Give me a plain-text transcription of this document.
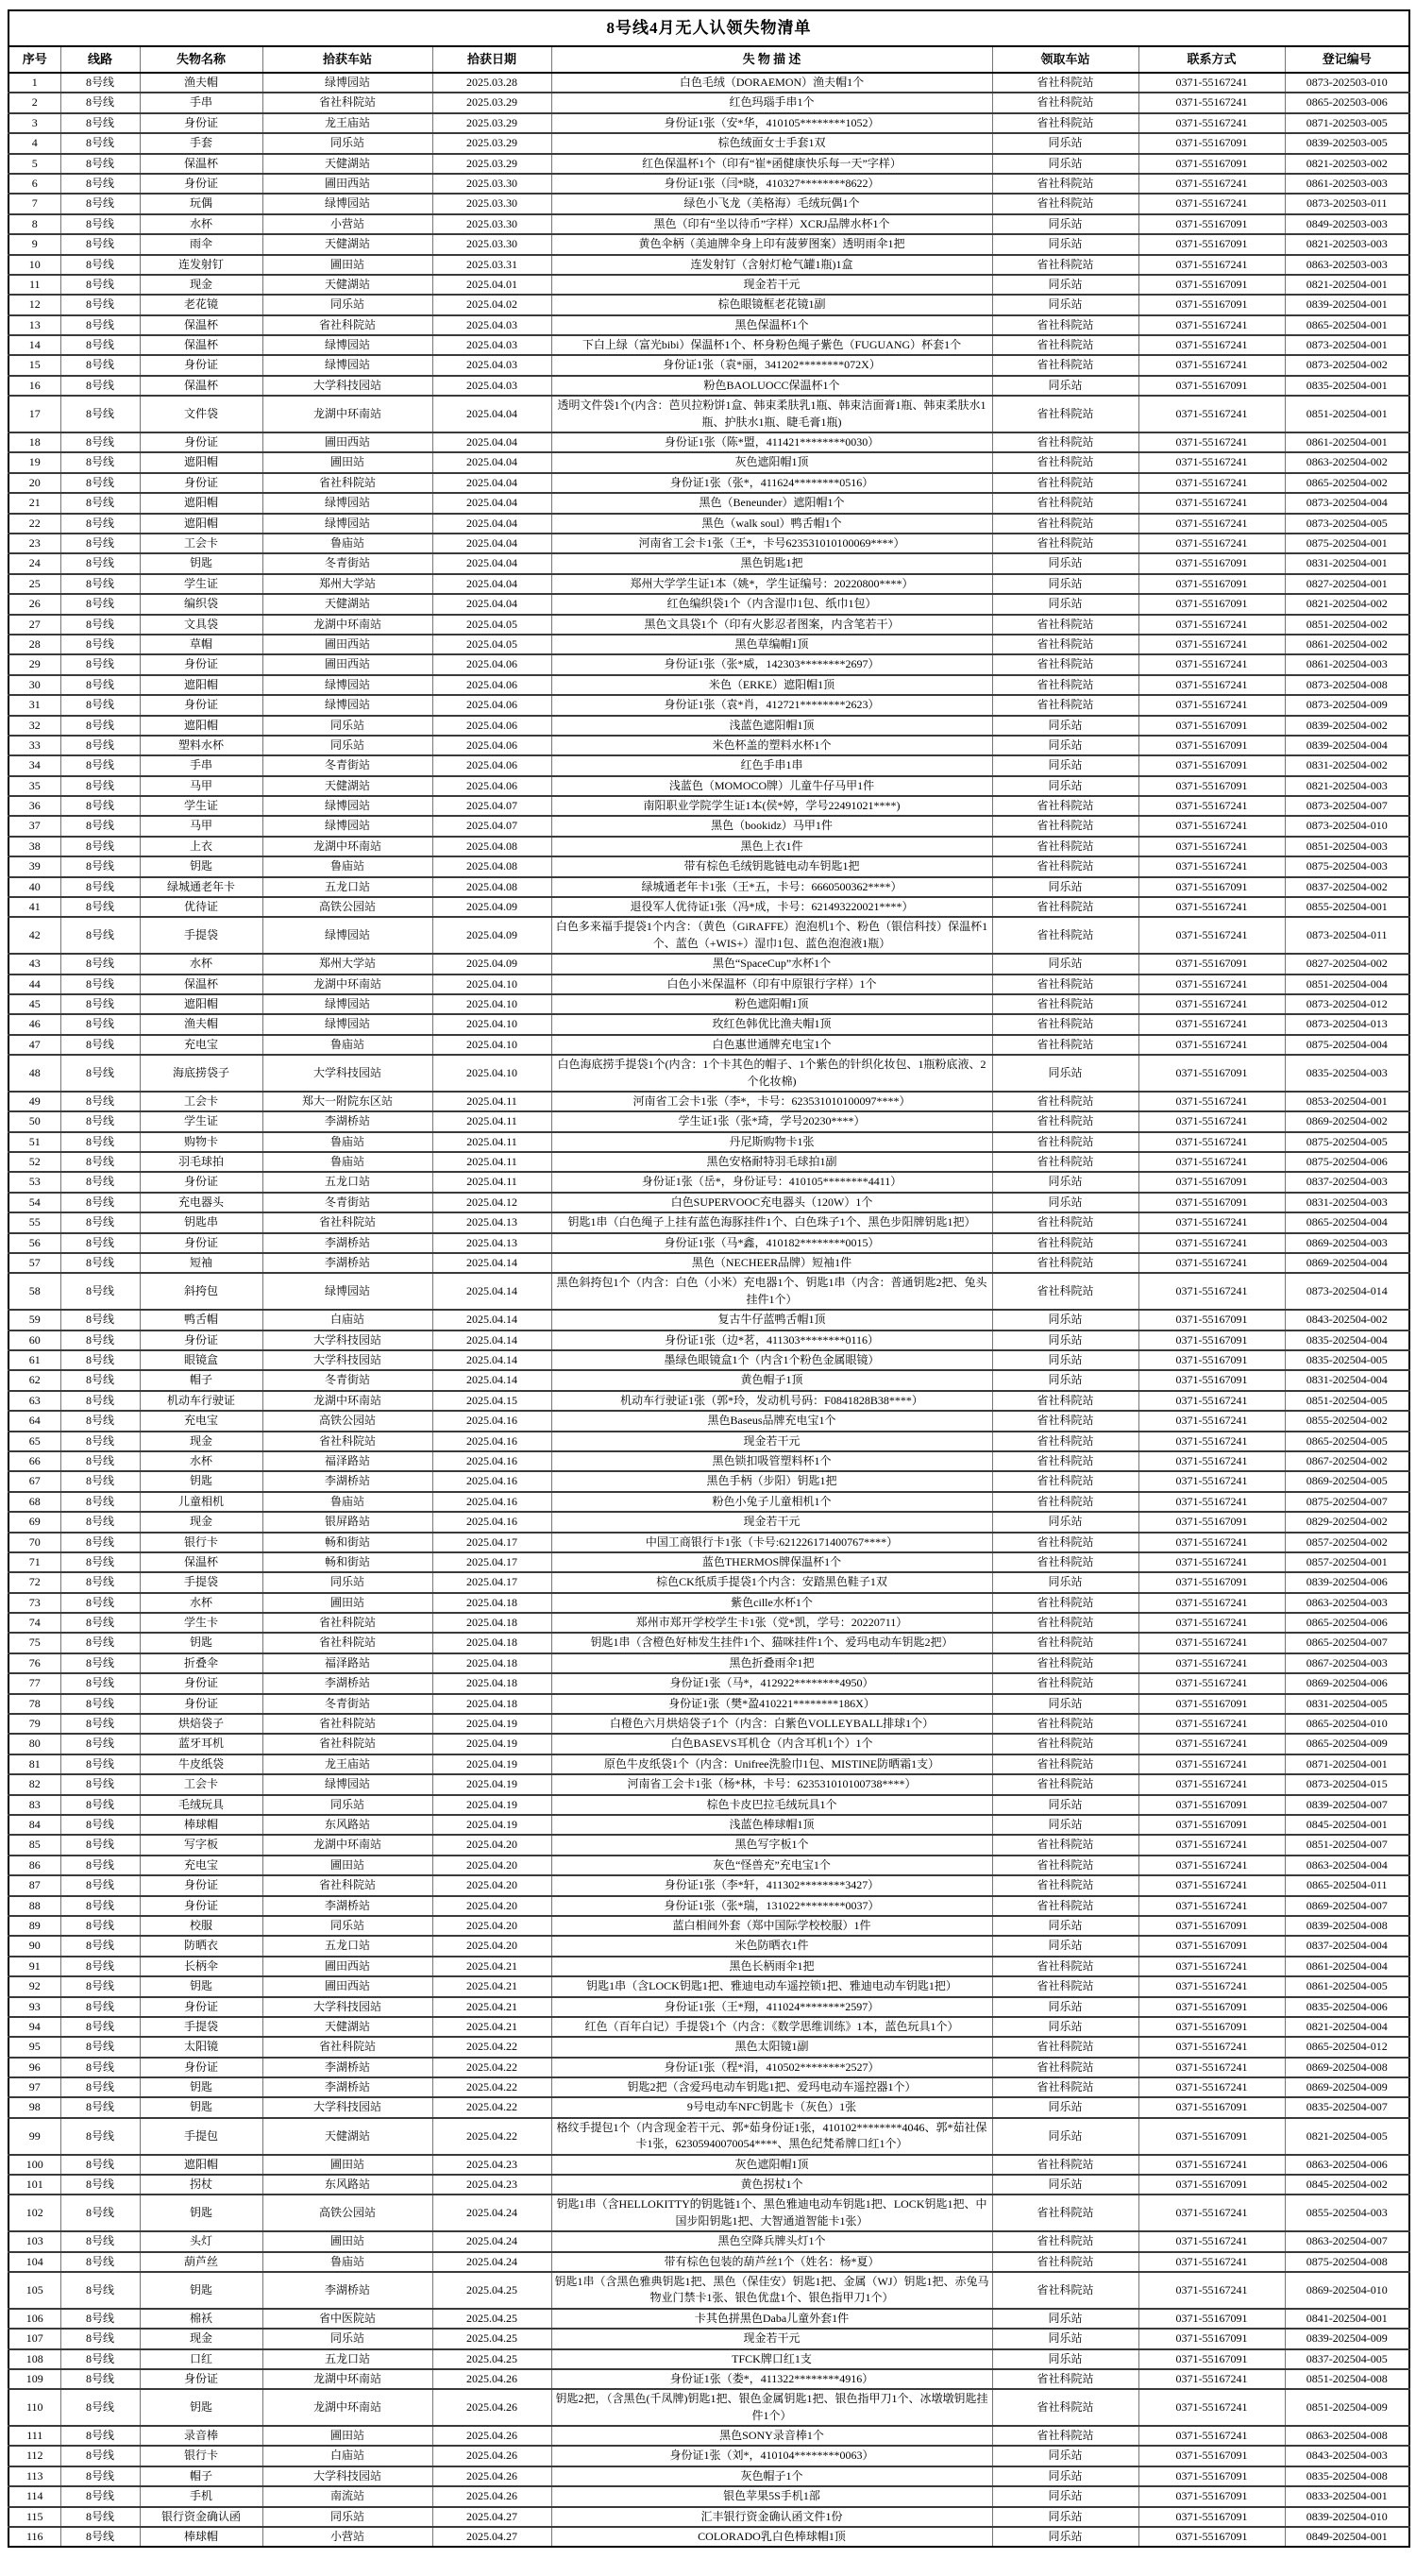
8号线4月无人认领失物清单								
序号	线路	失物名称	拾获车站	拾获日期	失 物 描 述	领取车站	联系方式	登记编号
1	8号线	渔夫帽	绿博园站	2025.03.28	白色毛绒（DORAEMON）渔夫帽1个	省社科院站	0371-55167241	0873-202503-010
2	8号线	手串	省社科院站	2025.03.29	红色玛瑙手串1个	省社科院站	0371-55167241	0865-202503-006
3	8号线	身份证	龙王庙站	2025.03.29	身份证1张（安*华，410105********1052）	省社科院站	0371-55167241	0871-202503-005
4	8号线	手套	同乐站	2025.03.29	棕色绒面女士手套1双	同乐站	0371-55167091	0839-202503-005
5	8号线	保温杯	天健湖站	2025.03.29	红色保温杯1个（印有“崔*函健康快乐每一天”字样）	同乐站	0371-55167091	0821-202503-002
6	8号线	身份证	圃田西站	2025.03.30	身份证1张（闫*晓，410327********8622）	省社科院站	0371-55167241	0861-202503-003
7	8号线	玩偶	绿博园站	2025.03.30	绿色小飞龙（美格海）毛绒玩偶1个	省社科院站	0371-55167241	0873-202503-011
8	8号线	水杯	小营站	2025.03.30	黑色（印有“坐以待币”字样）XCRJ品牌水杯1个	同乐站	0371-55167091	0849-202503-003
9	8号线	雨伞	天健湖站	2025.03.30	黄色伞柄（美迪牌伞身上印有菠萝图案）透明雨伞1把	同乐站	0371-55167091	0821-202503-003
10	8号线	连发射钉	圃田站	2025.03.31	连发射钉（含射灯枪气罐1瓶)1盒	省社科院站	0371-55167241	0863-202503-003
11	8号线	现金	天健湖站	2025.04.01	现金若干元	同乐站	0371-55167091	0821-202504-001
12	8号线	老花镜	同乐站	2025.04.02	棕色眼镜框老花镜1副	同乐站	0371-55167091	0839-202504-001
13	8号线	保温杯	省社科院站	2025.04.03	黑色保温杯1个	省社科院站	0371-55167241	0865-202504-001
14	8号线	保温杯	绿博园站	2025.04.03	下白上绿（富光bibi）保温杯1个、杯身粉色绳子紫色（FUGUANG）杯套1个	省社科院站	0371-55167241	0873-202504-001
15	8号线	身份证	绿博园站	2025.04.03	身份证1张（袁*丽，341202********072X）	省社科院站	0371-55167241	0873-202504-002
16	8号线	保温杯	大学科技园站	2025.04.03	粉色BAOLUOCC保温杯1个	同乐站	0371-55167091	0835-202504-001
17	8号线	文件袋	龙湖中环南站	2025.04.04	透明文件袋1个(内含：芭贝拉粉饼1盒、韩束柔肤乳1瓶、韩束洁面膏1瓶、韩束柔肤水1瓶、护肤水1瓶、睫毛膏1瓶)	省社科院站	0371-55167241	0851-202504-001
18	8号线	身份证	圃田西站	2025.04.04	身份证1张（陈*盟，411421********0030）	省社科院站	0371-55167241	0861-202504-001
19	8号线	遮阳帽	圃田站	2025.04.04	灰色遮阳帽1顶	省社科院站	0371-55167241	0863-202504-002
20	8号线	身份证	省社科院站	2025.04.04	身份证1张（张*，411624********0516）	省社科院站	0371-55167241	0865-202504-002
21	8号线	遮阳帽	绿博园站	2025.04.04	黑色（Beneunder）遮阳帽1个	省社科院站	0371-55167241	0873-202504-004
22	8号线	遮阳帽	绿博园站	2025.04.04	黑色（walk soul）鸭舌帽1个	省社科院站	0371-55167241	0873-202504-005
23	8号线	工会卡	鲁庙站	2025.04.04	河南省工会卡1张（王*，卡号623531010100069****）	省社科院站	0371-55167241	0875-202504-001
24	8号线	钥匙	冬青街站	2025.04.04	黑色钥匙1把	同乐站	0371-55167091	0831-202504-001
25	8号线	学生证	郑州大学站	2025.04.04	郑州大学学生证1本（姚*，学生证编号：20220800****）	同乐站	0371-55167091	0827-202504-001
26	8号线	编织袋	天健湖站	2025.04.04	红色编织袋1个（内含湿巾1包、纸巾1包）	同乐站	0371-55167091	0821-202504-002
27	8号线	文具袋	龙湖中环南站	2025.04.05	黑色文具袋1个（印有火影忍者图案，内含笔若干）	省社科院站	0371-55167241	0851-202504-002
28	8号线	草帽	圃田西站	2025.04.05	黑色草编帽1顶	省社科院站	0371-55167241	0861-202504-002
29	8号线	身份证	圃田西站	2025.04.06	身份证1张（张*威，142303********2697）	省社科院站	0371-55167241	0861-202504-003
30	8号线	遮阳帽	绿博园站	2025.04.06	米色（ERKE）遮阳帽1顶	省社科院站	0371-55167241	0873-202504-008
31	8号线	身份证	绿博园站	2025.04.06	身份证1张（袁*肖，412721********2623）	省社科院站	0371-55167241	0873-202504-009
32	8号线	遮阳帽	同乐站	2025.04.06	浅蓝色遮阳帽1顶	同乐站	0371-55167091	0839-202504-002
33	8号线	塑料水杯	同乐站	2025.04.06	米色杯盖的塑料水杯1个	同乐站	0371-55167091	0839-202504-004
34	8号线	手串	冬青街站	2025.04.06	红色手串1串	同乐站	0371-55167091	0831-202504-002
35	8号线	马甲	天健湖站	2025.04.06	浅蓝色（MOMOCO牌）儿童牛仔马甲1件	同乐站	0371-55167091	0821-202504-003
36	8号线	学生证	绿博园站	2025.04.07	南阳职业学院学生证1本(侯*婷，学号22491021****)	省社科院站	0371-55167241	0873-202504-007
37	8号线	马甲	绿博园站	2025.04.07	黑色（bookidz）马甲1件	省社科院站	0371-55167241	0873-202504-010
38	8号线	上衣	龙湖中环南站	2025.04.08	黑色上衣1件	省社科院站	0371-55167241	0851-202504-003
39	8号线	钥匙	鲁庙站	2025.04.08	带有棕色毛绒钥匙链电动车钥匙1把	省社科院站	0371-55167241	0875-202504-003
40	8号线	绿城通老年卡	五龙口站	2025.04.08	绿城通老年卡1张（王*五，卡号：6660500362****）	同乐站	0371-55167091	0837-202504-002
41	8号线	优待证	高铁公园站	2025.04.09	退役军人优待证1张（冯*成，卡号：621493220021****）	省社科院站	0371-55167241	0855-202504-001
42	8号线	手提袋	绿博园站	2025.04.09	白色多来福手提袋1个内含：（黄色（GiRAFFE）泡泡机1个、粉色（银信科技）保温杯1个、蓝色（+WIS+）湿巾1包、蓝色泡泡液1瓶）	省社科院站	0371-55167241	0873-202504-011
43	8号线	水杯	郑州大学站	2025.04.09	黑色“SpaceCup”水杯1个	同乐站	0371-55167091	0827-202504-002
44	8号线	保温杯	龙湖中环南站	2025.04.10	白色小米保温杯（印有中原银行字样）1个	省社科院站	0371-55167241	0851-202504-004
45	8号线	遮阳帽	绿博园站	2025.04.10	粉色遮阳帽1顶	省社科院站	0371-55167241	0873-202504-012
46	8号线	渔夫帽	绿博园站	2025.04.10	玫红色韩优比渔夫帽1顶	省社科院站	0371-55167241	0873-202504-013
47	8号线	充电宝	鲁庙站	2025.04.10	白色惠世通牌充电宝1个	省社科院站	0371-55167241	0875-202504-004
48	8号线	海底捞袋子	大学科技园站	2025.04.10	白色海底捞手提袋1个(内含：1个卡其色的帽子、1个紫色的针织化妆包、1瓶粉底液、2个化妆棉)	同乐站	0371-55167091	0835-202504-003
49	8号线	工会卡	郑大一附院东区站	2025.04.11	河南省工会卡1张（李*，卡号：623531010100097****）	省社科院站	0371-55167241	0853-202504-001
50	8号线	学生证	李湖桥站	2025.04.11	学生证1张（张*琦，学号20230****）	省社科院站	0371-55167241	0869-202504-002
51	8号线	购物卡	鲁庙站	2025.04.11	丹尼斯购物卡1张	省社科院站	0371-55167241	0875-202504-005
52	8号线	羽毛球拍	鲁庙站	2025.04.11	黑色安格耐特羽毛球拍1副	省社科院站	0371-55167241	0875-202504-006
53	8号线	身份证	五龙口站	2025.04.11	身份证1张（岳*，身份证号：410105********4411）	同乐站	0371-55167091	0837-202504-003
54	8号线	充电器头	冬青街站	2025.04.12	白色SUPERVOOC充电器头（120W）1个	同乐站	0371-55167091	0831-202504-003
55	8号线	钥匙串	省社科院站	2025.04.13	钥匙1串（白色绳子上挂有蓝色海豚挂件1个、白色珠子1个、黑色步阳牌钥匙1把）	省社科院站	0371-55167241	0865-202504-004
56	8号线	身份证	李湖桥站	2025.04.13	身份证1张（马*鑫，410182********0015）	省社科院站	0371-55167241	0869-202504-003
57	8号线	短袖	李湖桥站	2025.04.14	黑色（NECHEER品牌）短袖1件	省社科院站	0371-55167241	0869-202504-004
58	8号线	斜挎包	绿博园站	2025.04.14	黑色斜挎包1个（内含：白色（小米）充电器1个、钥匙1串（内含：普通钥匙2把、兔头挂件1个）	省社科院站	0371-55167241	0873-202504-014
59	8号线	鸭舌帽	白庙站	2025.04.14	复古牛仔蓝鸭舌帽1顶	同乐站	0371-55167091	0843-202504-002
60	8号线	身份证	大学科技园站	2025.04.14	身份证1张（边*茗，411303********0116）	同乐站	0371-55167091	0835-202504-004
61	8号线	眼镜盒	大学科技园站	2025.04.14	墨绿色眼镜盒1个（内含1个粉色金属眼镜）	同乐站	0371-55167091	0835-202504-005
62	8号线	帽子	冬青街站	2025.04.14	黄色帽子1顶	同乐站	0371-55167091	0831-202504-004
63	8号线	机动车行驶证	龙湖中环南站	2025.04.15	机动车行驶证1张（郭*玲，发动机号码：F0841828B38****）	省社科院站	0371-55167241	0851-202504-005
64	8号线	充电宝	高铁公园站	2025.04.16	黑色Baseus品牌充电宝1个	省社科院站	0371-55167241	0855-202504-002
65	8号线	现金	省社科院站	2025.04.16	现金若干元	省社科院站	0371-55167241	0865-202504-005
66	8号线	水杯	福泽路站	2025.04.16	黑色锁扣吸管塑料杯1个	省社科院站	0371-55167241	0867-202504-002
67	8号线	钥匙	李湖桥站	2025.04.16	黑色手柄（步阳）钥匙1把	省社科院站	0371-55167241	0869-202504-005
68	8号线	儿童相机	鲁庙站	2025.04.16	粉色小兔子儿童相机1个	省社科院站	0371-55167241	0875-202504-007
69	8号线	现金	银屏路站	2025.04.16	现金若干元	同乐站	0371-55167091	0829-202504-002
70	8号线	银行卡	畅和街站	2025.04.17	中国工商银行卡1张（卡号:621226171400767****）	省社科院站	0371-55167241	0857-202504-002
71	8号线	保温杯	畅和街站	2025.04.17	蓝色THERMOS牌保温杯1个	省社科院站	0371-55167241	0857-202504-001
72	8号线	手提袋	同乐站	2025.04.17	棕色CK纸质手提袋1个内含：安踏黑色鞋子1双	同乐站	0371-55167091	0839-202504-006
73	8号线	水杯	圃田站	2025.04.18	紫色cille水杯1个	省社科院站	0371-55167241	0863-202504-003
74	8号线	学生卡	省社科院站	2025.04.18	郑州市郑开学校学生卡1张（党*凯，学号：20220711）	省社科院站	0371-55167241	0865-202504-006
75	8号线	钥匙	省社科院站	2025.04.18	钥匙1串（含橙色好柿发生挂件1个、猫咪挂件1个、爱玛电动车钥匙2把）	省社科院站	0371-55167241	0865-202504-007
76	8号线	折叠伞	福泽路站	2025.04.18	黑色折叠雨伞1把	省社科院站	0371-55167241	0867-202504-003
77	8号线	身份证	李湖桥站	2025.04.18	身份证1张（马*，412922********4950）	省社科院站	0371-55167241	0869-202504-006
78	8号线	身份证	冬青街站	2025.04.18	身份证1张（樊*盈410221********186X）	同乐站	0371-55167091	0831-202504-005
79	8号线	烘焙袋子	省社科院站	2025.04.19	白橙色六月烘焙袋子1个（内含：白紫色VOLLEYBALL排球1个）	省社科院站	0371-55167241	0865-202504-010
80	8号线	蓝牙耳机	省社科院站	2025.04.19	白色BASEVS耳机仓（内含耳机1个）1个	省社科院站	0371-55167241	0865-202504-009
81	8号线	牛皮纸袋	龙王庙站	2025.04.19	原色牛皮纸袋1个（内含：Unifree洗脸巾1包、MISTINE防晒霜1支）	省社科院站	0371-55167241	0871-202504-001
82	8号线	工会卡	绿博园站	2025.04.19	河南省工会卡1张（杨*林，卡号：623531010100738****）	省社科院站	0371-55167241	0873-202504-015
83	8号线	毛绒玩具	同乐站	2025.04.19	棕色卡皮巴拉毛绒玩具1个	同乐站	0371-55167091	0839-202504-007
84	8号线	棒球帽	东风路站	2025.04.19	浅蓝色棒球帽1顶	同乐站	0371-55167091	0845-202504-001
85	8号线	写字板	龙湖中环南站	2025.04.20	黑色写字板1个	省社科院站	0371-55167241	0851-202504-007
86	8号线	充电宝	圃田站	2025.04.20	灰色“怪兽充”充电宝1个	省社科院站	0371-55167241	0863-202504-004
87	8号线	身份证	省社科院站	2025.04.20	身份证1张（李*轩，411302********3427）	省社科院站	0371-55167241	0865-202504-011
88	8号线	身份证	李湖桥站	2025.04.20	身份证1张（张*瑞，131022********0037）	省社科院站	0371-55167241	0869-202504-007
89	8号线	校服	同乐站	2025.04.20	蓝白相间外套（郑中国际学校校服）1件	同乐站	0371-55167091	0839-202504-008
90	8号线	防晒衣	五龙口站	2025.04.20	米色防晒衣1件	同乐站	0371-55167091	0837-202504-004
91	8号线	长柄伞	圃田西站	2025.04.21	黑色长柄雨伞1把	省社科院站	0371-55167241	0861-202504-004
92	8号线	钥匙	圃田西站	2025.04.21	钥匙1串（含LOCK钥匙1把、雅迪电动车遥控锁1把、雅迪电动车钥匙1把）	省社科院站	0371-55167241	0861-202504-005
93	8号线	身份证	大学科技园站	2025.04.21	身份证1张（王*翔，411024********2597）	同乐站	0371-55167091	0835-202504-006
94	8号线	手提袋	天健湖站	2025.04.21	红色（百年白记）手提袋1个（内含：《数学思维训练》1本，蓝色玩具1个）	同乐站	0371-55167091	0821-202504-004
95	8号线	太阳镜	省社科院站	2025.04.22	黑色太阳镜1副	省社科院站	0371-55167241	0865-202504-012
96	8号线	身份证	李湖桥站	2025.04.22	身份证1张（程*涓，410502********2527）	省社科院站	0371-55167241	0869-202504-008
97	8号线	钥匙	李湖桥站	2025.04.22	钥匙2把（含爱玛电动车钥匙1把、爱玛电动车遥控器1个）	省社科院站	0371-55167241	0869-202504-009
98	8号线	钥匙	大学科技园站	2025.04.22	9号电动车NFC钥匙卡（灰色）1张	同乐站	0371-55167091	0835-202504-007
99	8号线	手提包	天健湖站	2025.04.22	格纹手提包1个（内含现金若干元、郭*茹身份证1张，410102********4046、郭*茹社保卡1张，62305940070054****、黑色纪梵希牌口红1个）	同乐站	0371-55167091	0821-202504-005
100	8号线	遮阳帽	圃田站	2025.04.23	灰色遮阳帽1顶	省社科院站	0371-55167241	0863-202504-006
101	8号线	拐杖	东风路站	2025.04.23	黄色拐杖1个	同乐站	0371-55167091	0845-202504-002
102	8号线	钥匙	高铁公园站	2025.04.24	钥匙1串（含HELLOKITTY的钥匙链1个、黑色雅迪电动车钥匙1把、LOCK钥匙1把、中国步阳钥匙1把、大智通道智能卡1张）	省社科院站	0371-55167241	0855-202504-003
103	8号线	头灯	圃田站	2025.04.24	黑色空降兵牌头灯1个	省社科院站	0371-55167241	0863-202504-007
104	8号线	葫芦丝	鲁庙站	2025.04.24	带有棕色包装的葫芦丝1个（姓名：杨*夏）	省社科院站	0371-55167241	0875-202504-008
105	8号线	钥匙	李湖桥站	2025.04.25	钥匙1串（含黑色雅典钥匙1把、黑色（保佳安）钥匙1把、金属（WJ）钥匙1把、赤兔马物业门禁卡1张、银色优盘1个、银色指甲刀1个）	省社科院站	0371-55167241	0869-202504-010
106	8号线	棉袄	省中医院站	2025.04.25	卡其色拼黑色Daba儿童外套1件	同乐站	0371-55167091	0841-202504-001
107	8号线	现金	同乐站	2025.04.25	现金若干元	同乐站	0371-55167091	0839-202504-009
108	8号线	口红	五龙口站	2025.04.25	TFCK牌口红1支	同乐站	0371-55167091	0837-202504-005
109	8号线	身份证	龙湖中环南站	2025.04.26	身份证1张（娄*，411322********4916）	省社科院站	0371-55167241	0851-202504-008
110	8号线	钥匙	龙湖中环南站	2025.04.26	钥匙2把，（含黑色(千凤牌)钥匙1把、银色金属钥匙1把、银色指甲刀1个、冰墩墩钥匙挂件1个）	省社科院站	0371-55167241	0851-202504-009
111	8号线	录音棒	圃田站	2025.04.26	黑色SONY录音棒1个	省社科院站	0371-55167241	0863-202504-008
112	8号线	银行卡	白庙站	2025.04.26	身份证1张（刘*，410104********0063）	同乐站	0371-55167091	0843-202504-003
113	8号线	帽子	大学科技园站	2025.04.26	灰色帽子1个	同乐站	0371-55167091	0835-202504-008
114	8号线	手机	南流站	2025.04.26	银色苹果5S手机1部	同乐站	0371-55167091	0833-202504-001
115	8号线	银行资金确认函	同乐站	2025.04.27	汇丰银行资金确认函文件1份	同乐站	0371-55167091	0839-202504-010
116	8号线	棒球帽	小营站	2025.04.27	COLORADO乳白色棒球帽1顶	同乐站	0371-55167091	0849-202504-001
